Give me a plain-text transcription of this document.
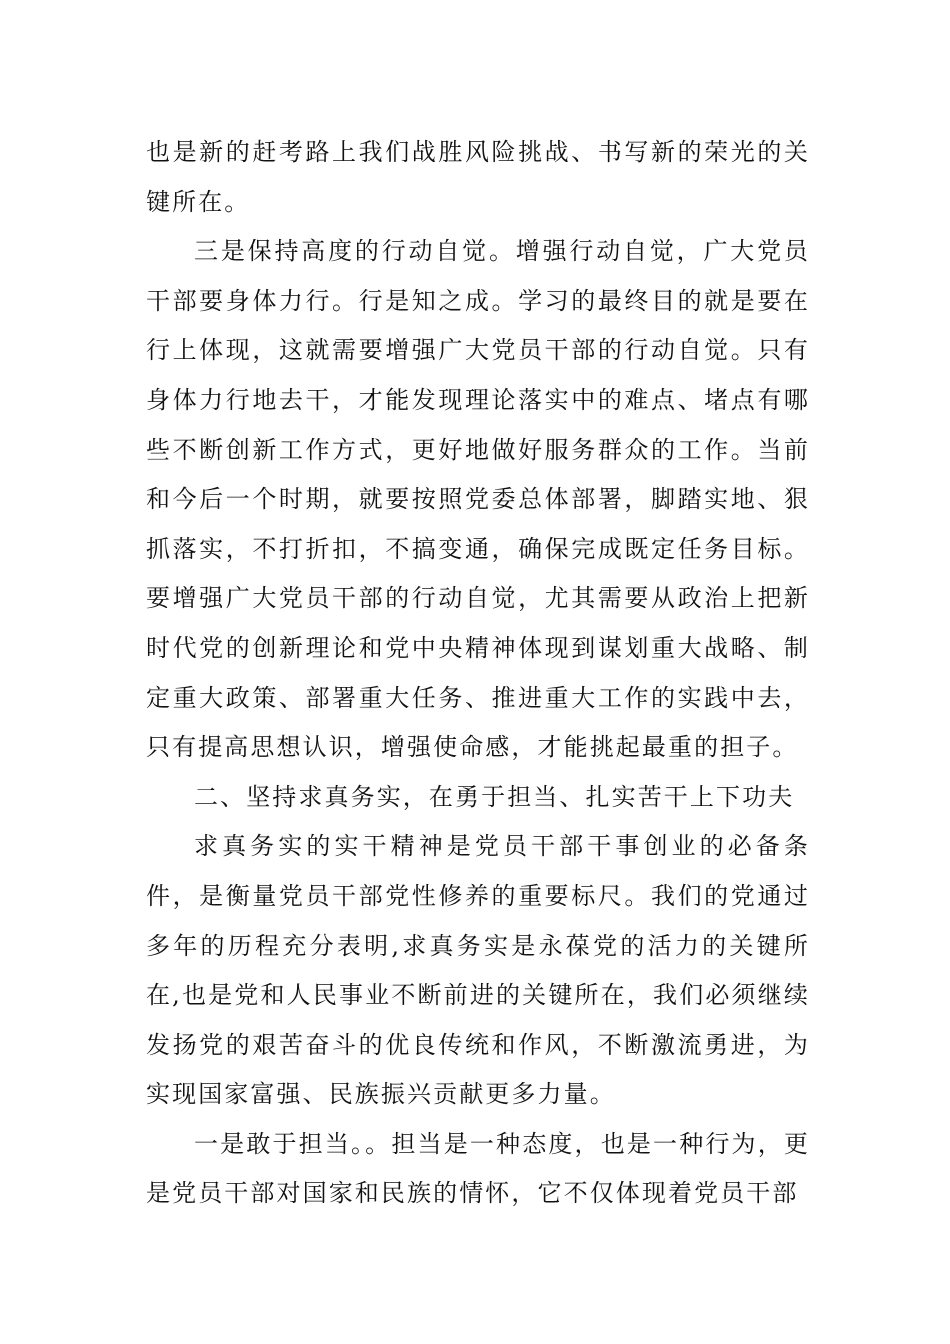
也是新的赶考路上我们战胜风险挑战、书写新的荣光的关键所在。

三是保持高度的行动自觉。增强行动自觉，广大党员干部要身体力行。行是知之成。学习的最终目的就是要在行上体现，这就需要增强广大党员干部的行动自觉。只有身体力行地去干，才能发现理论落实中的难点、堵点有哪些不断创新工作方式，更好地做好服务群众的工作。当前和今后一个时期，就要按照党委总体部署，脚踏实地、狠抓落实，不打折扣，不搞变通，确保完成既定任务目标。要增强广大党员干部的行动自觉，尤其需要从政治上把新时代党的创新理论和党中央精神体现到谋划重大战略、制定重大政策、部署重大任务、推进重大工作的实践中去，只有提高思想认识，增强使命感，才能挑起最重的担子。

二、坚持求真务实，在勇于担当、扎实苦干上下功夫

求真务实的实干精神是党员干部干事创业的必备条件，是衡量党员干部党性修养的重要标尺。我们的党通过多年的历程充分表明,求真务实是永葆党的活力的关键所在,也是党和人民事业不断前进的关键所在，我们必须继续发扬党的艰苦奋斗的优良传统和作风，不断激流勇进，为实现国家富强、民族振兴贡献更多力量。

一是敢于担当。。担当是一种态度，也是一种行为，更是党员干部对国家和民族的情怀，它不仅体现着党员干部
